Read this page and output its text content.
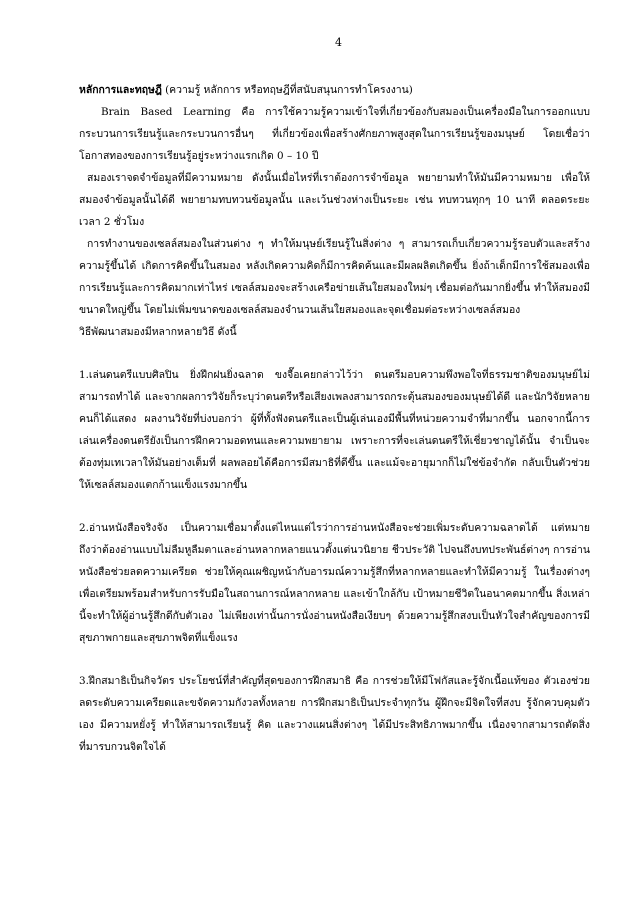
4

หลักการและทฤษฎี (ความรู้ หลักการ หรือทฤษฎีที่สนับสนุนการทำโครงงาน)

Brain Based Learning คือ การใช้ความรู้ความเข้าใจที่เกี่ยวข้องกับสมองเป็นเครื่องมือในการออกแบบกระบวนการเรียนรู้และกระบวนการอื่นๆ ที่เกี่ยวข้องเพื่อสร้างศักยภาพสูงสุดในการเรียนรู้ของมนุษย์ โดยเชื่อว่าโอกาสทองของการเรียนรู้อยู่ระหว่างแรกเกิด 0 – 10 ปี

สมองเราจดจำข้อมูลที่มีความหมาย ดังนั้นเมื่อไหร่ที่เราต้องการจำข้อมูล พยายามทำให้มันมีความหมาย เพื่อให้สมองจำข้อมูลนั้นได้ดี พยายามทบทวนข้อมูลนั้น และเว้นช่วงห่างเป็นระยะ เช่น ทบทวนทุกๆ 10 นาที ตลอดระยะเวลา 2 ชั่วโมง

การทำงานของเซลล์สมองในส่วนต่าง ๆ ทำให้มนุษย์เรียนรู้ในสิ่งต่าง ๆ สามารถเก็บเกี่ยวความรู้รอบตัวและสร้างความรู้ขึ้นได้ เกิดการคิดขึ้นในสมอง หลังเกิดความคิดก็มีการคิดค้นและมีผลผลิตเกิดขึ้น ยิ่งถ้าเด็กมีการใช้สมองเพื่อการเรียนรู้และการคิดมากเท่าไหร่ เซลล์สมองจะสร้างเครือข่ายเส้นใยสมองใหม่ๆ เชื่อมต่อกันมากยิ่งขึ้น ทำให้สมองมีขนาดใหญ่ขึ้น โดยไม่เพิ่มขนาดของเซลล์สมองจำนวนเส้นใยสมองและจุดเชื่อมต่อระหว่างเซลล์สมอง

วิธีพัฒนาสมองมีหลากหลายวิธี ดังนี้

1.เล่นดนตรีแบบศิลปิน ยิ่งฝึกฝนยิ่งฉลาด ขงจื๊อเคยกล่าวไว้ว่า ดนตรีมอบความพึงพอใจที่ธรรมชาติของมนุษย์ไม่สามารถทำได้ และจากผลการวิจัยก็ระบุว่าดนตรีหรือเสียงเพลงสามารถกระตุ้นสมองของมนุษย์ได้ดี และนักวิจัยหลายคนก็ได้แสดง ผลงานวิจัยที่บ่งบอกว่า ผู้ที่ทั้งฟังดนตรีและเป็นผู้เล่นเองมีพื้นที่หน่วยความจำที่มากขึ้น นอกจากนี้การเล่นเครื่องดนตรียังเป็นการฝึกความอดทนและความพยายาม เพราะการที่จะเล่นดนตรีให้เชี่ยวชาญได้นั้น จำเป็นจะต้องทุ่มเทเวลาให้มันอย่างเต็มที่ ผลพลอยได้คือการมีสมาธิที่ดีขึ้น และแม้จะอายุมากก็ไม่ใช่ข้อจำกัด กลับเป็นตัวช่วยให้เซลล์สมองแตกก้านแข็งแรงมากขึ้น

2.อ่านหนังสือจริงจัง เป็นความเชื่อมาตั้งแต่ไหนแต่ไรว่าการอ่านหนังสือจะช่วยเพิ่มระดับความฉลาดได้ แต่หมายถึงว่าต้องอ่านแบบไม่ลืมหูลืมตาและอ่านหลากหลายแนวตั้งแต่นวนิยาย ชีวประวัติ ไปจนถึงบทประพันธ์ต่างๆ การอ่านหนังสือช่วยลดความเครียด ช่วยให้คุณเผชิญหน้ากับอารมณ์ความรู้สึกที่หลากหลายและทำให้มีความรู้ ในเรื่องต่างๆ เพื่อเตรียมพร้อมสำหรับการรับมือในสถานการณ์หลากหลาย และเข้าใกล้กับ เป้าหมายชีวิตในอนาคตมากขึ้น สิ่งเหล่านี้จะทำให้ผู้อ่านรู้สึกดีกับตัวเอง ไม่เพียงเท่านั้นการนั่งอ่านหนังสือเงียบๆ ด้วยความรู้สึกสงบเป็นหัวใจสำคัญของการมีสุขภาพกายและสุขภาพจิตที่แข็งแรง

3.ฝึกสมาธิเป็นกิจวัตร ประโยชน์ที่สำคัญที่สุดของการฝึกสมาธิ คือ การช่วยให้มีโฟกัสและรู้จักเนื้อแท้ของ ตัวเองช่วยลดระดับความเครียดและขจัดความกังวลทั้งหลาย การฝึกสมาธิเป็นประจำทุกวัน ผู้ฝึกจะมีจิตใจที่สงบ รู้จักควบคุมตัวเอง มีความหยั่งรู้ ทำให้สามารถเรียนรู้ คิด และวางแผนสิ่งต่างๆ ได้มีประสิทธิภาพมากขึ้น เนื่องจากสามารถตัดสิ่งที่มารบกวนจิตใจได้
